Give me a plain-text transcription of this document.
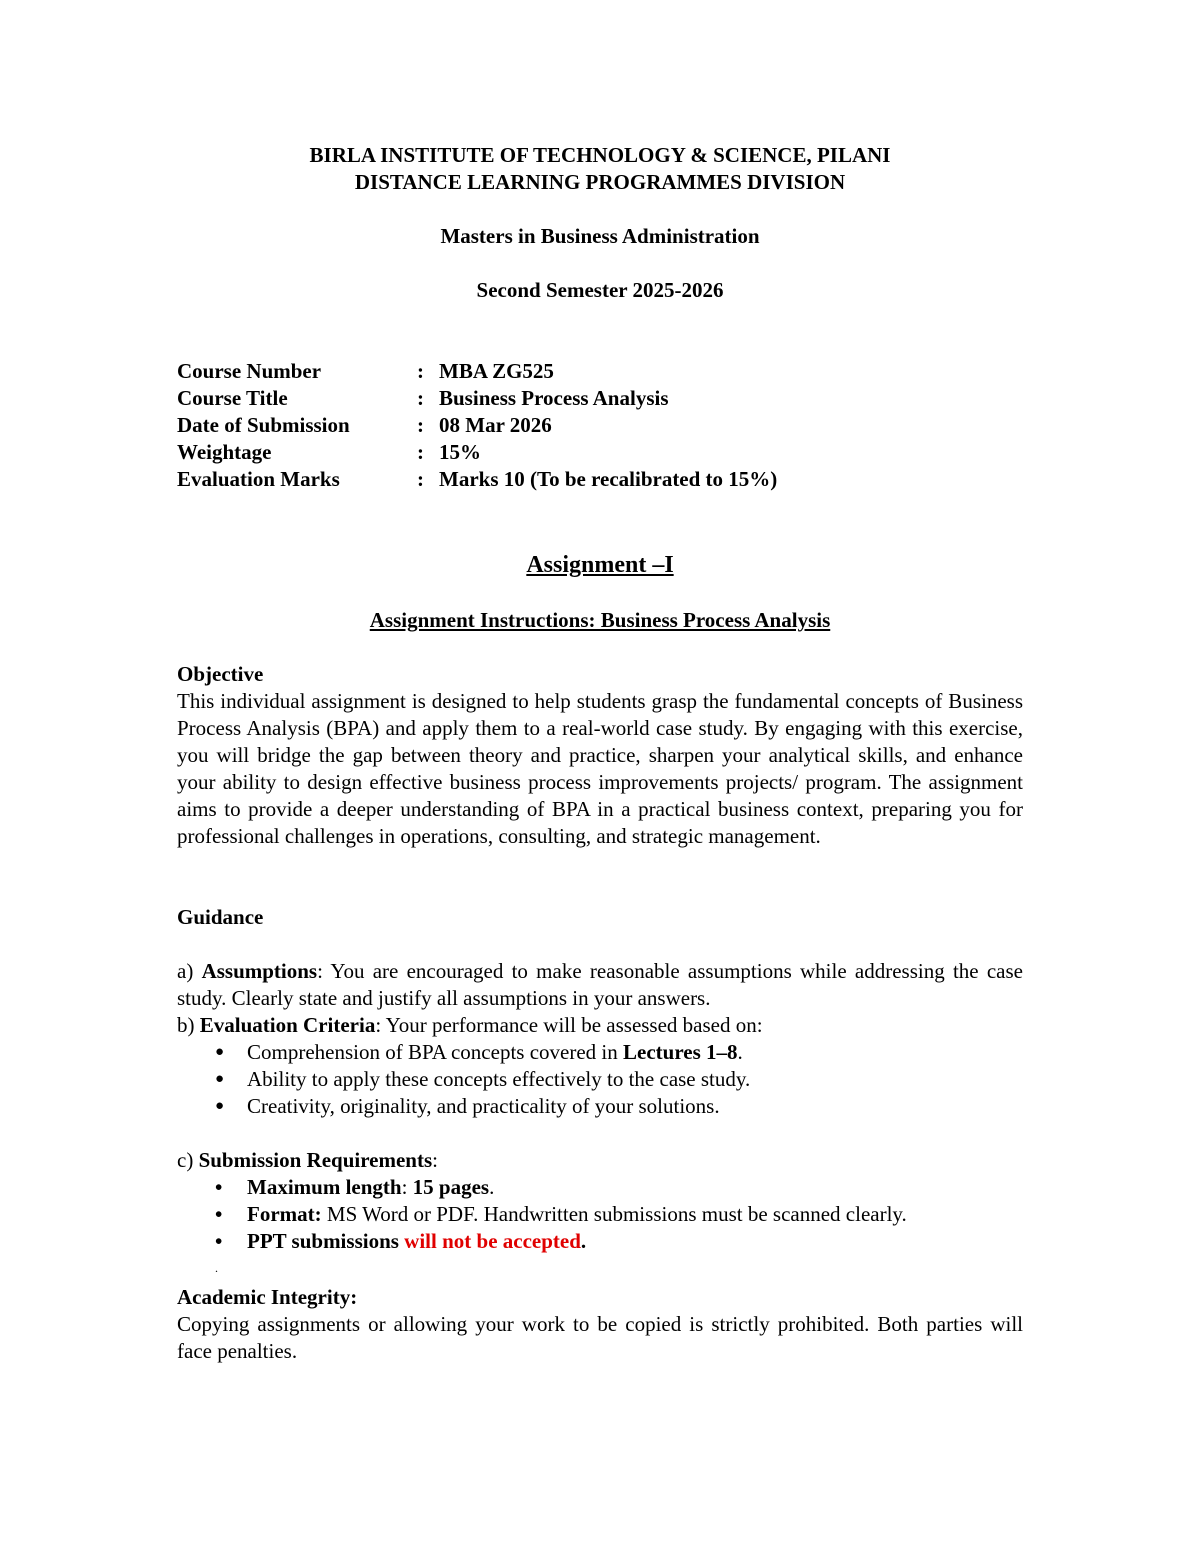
BIRLA INSTITUTE OF TECHNOLOGY & SCIENCE, PILANI
DISTANCE LEARNING PROGRAMMES DIVISION
Masters in Business Administration
Second Semester 2025-2026
Course Number	: MBA ZG525
Course Title	: Business Process Analysis
Date of Submission	: 08 Mar 2026
Weightage	: 15%
Evaluation Marks	: Marks 10 (To be recalibrated to 15%)
Assignment –I
Assignment Instructions: Business Process Analysis
Objective
This individual assignment is designed to help students grasp the fundamental concepts of Business Process Analysis (BPA) and apply them to a real-world case study. By engaging with this exercise, you will bridge the gap between theory and practice, sharpen your analytical skills, and enhance your ability to design effective business process improvements projects/ program. The assignment aims to provide a deeper understanding of BPA in a practical business context, preparing you for professional challenges in operations, consulting, and strategic management.
Guidance
a) Assumptions: You are encouraged to make reasonable assumptions while addressing the case study. Clearly state and justify all assumptions in your answers.
b) Evaluation Criteria: Your performance will be assessed based on:
● Comprehension of BPA concepts covered in Lectures 1–8.
● Ability to apply these concepts effectively to the case study.
● Creativity, originality, and practicality of your solutions.
c) Submission Requirements:
• Maximum length: 15 pages.
• Format: MS Word or PDF. Handwritten submissions must be scanned clearly.
• PPT submissions will not be accepted.
.
Academic Integrity:
Copying assignments or allowing your work to be copied is strictly prohibited. Both parties will face penalties.
